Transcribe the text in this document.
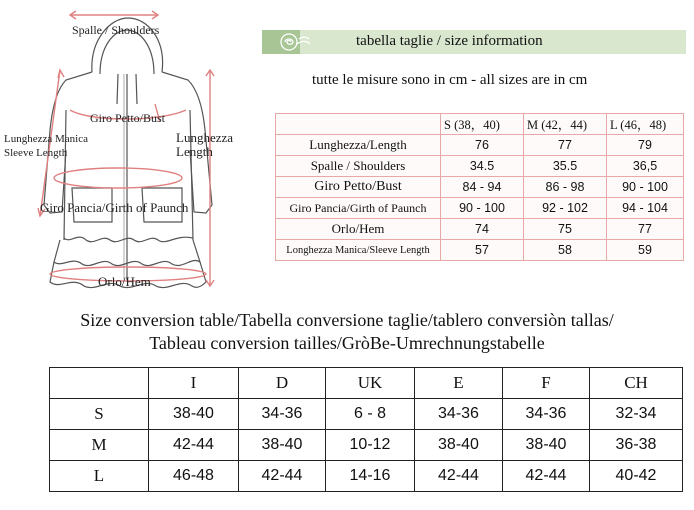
Spalle / Shoulders
Giro Petto/Bust
Lunghezza
Length
Lunghezza Manica
Sleeve Length
Giro Pancia/Girth of Paunch
Orlo/Hem
tabella taglie / size information
tutte le misure sono in cm - all sizes are in cm
	S (38，40)	M (42，44)	L (46，48)
Lunghezza/Length	76	77	79
Spalle / Shoulders	34.5	35.5	36,5
Giro Petto/Bust	84 - 94	86 - 98	90 - 100
Giro Pancia/Girth of Paunch	90 - 100	92 - 102	94 - 104
Orlo/Hem	74	75	77
Longhezza Manica/Sleeve Length	57	58	59
Size conversion table/Tabella conversione taglie/tablero conversiòn tallas/
Tableau conversion tailles/GròBe-Umrechnungstabelle
	I	D	UK	E	F	CH
S	38-40	34-36	6 - 8	34-36	34-36	32-34
M	42-44	38-40	10-12	38-40	38-40	36-38
L	46-48	42-44	14-16	42-44	42-44	40-42
